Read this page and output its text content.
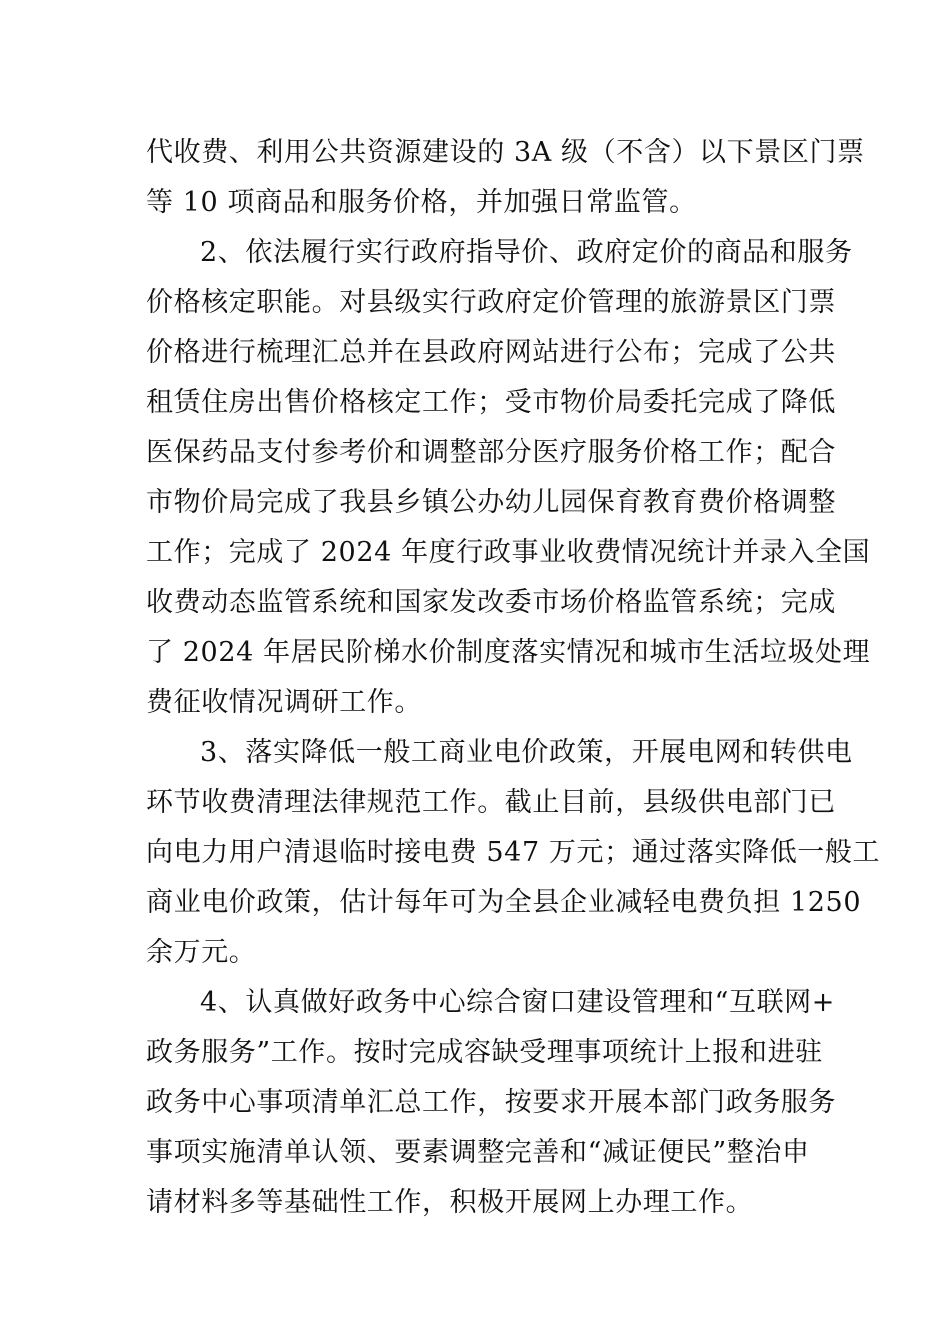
代收费、利用公共资源建设的 3A 级（不含）以下景区门票
等 10 项商品和服务价格，并加强日常监管。
2、依法履行实行政府指导价、政府定价的商品和服务
价格核定职能。对县级实行政府定价管理的旅游景区门票
价格进行梳理汇总并在县政府网站进行公布；完成了公共
租赁住房出售价格核定工作；受市物价局委托完成了降低
医保药品支付参考价和调整部分医疗服务价格工作；配合
市物价局完成了我县乡镇公办幼儿园保育教育费价格调整
工作；完成了 2024 年度行政事业收费情况统计并录入全国
收费动态监管系统和国家发改委市场价格监管系统；完成
了 2024 年居民阶梯水价制度落实情况和城市生活垃圾处理
费征收情况调研工作。
3、落实降低一般工商业电价政策，开展电网和转供电
环节收费清理法律规范工作。截止目前，县级供电部门已
向电力用户清退临时接电费 547 万元；通过落实降低一般工
商业电价政策，估计每年可为全县企业减轻电费负担 1250
余万元。
4、认真做好政务中心综合窗口建设管理和“互联网+
政务服务”工作。按时完成容缺受理事项统计上报和进驻
政务中心事项清单汇总工作，按要求开展本部门政务服务
事项实施清单认领、要素调整完善和“减证便民”整治申
请材料多等基础性工作，积极开展网上办理工作。
